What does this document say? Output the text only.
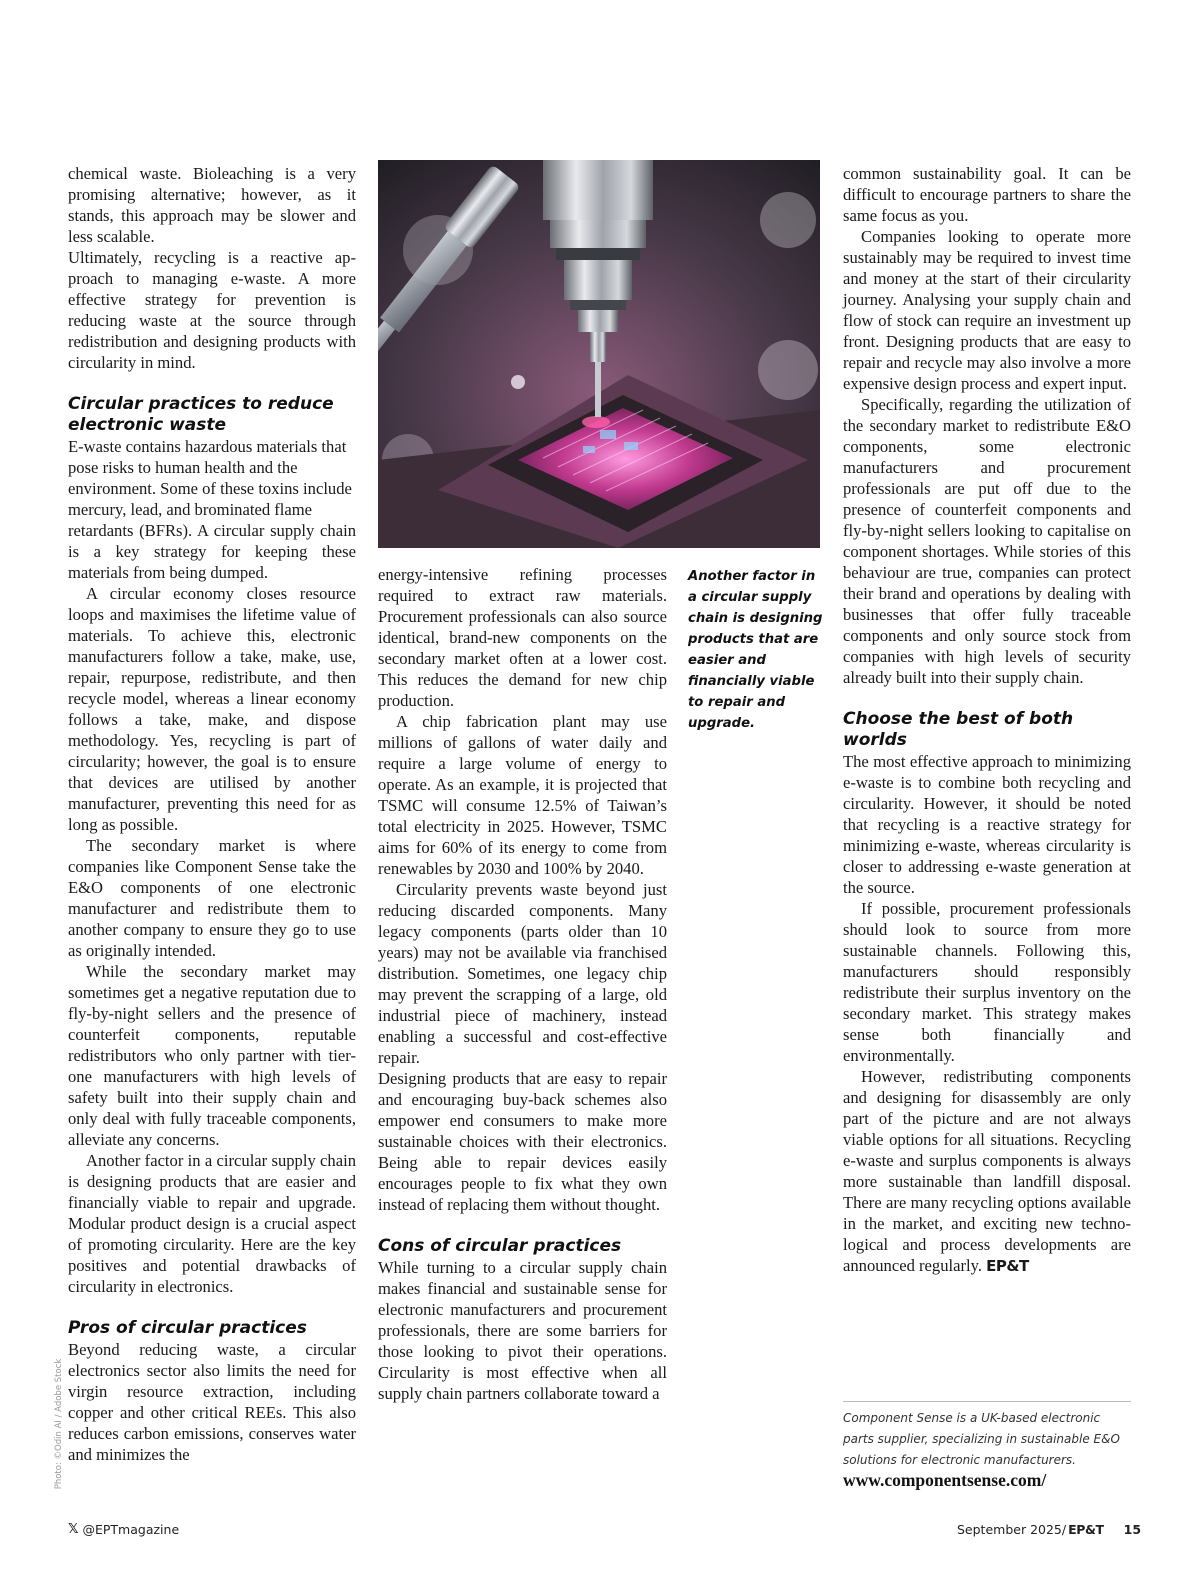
chemical waste. Bioleaching is a very promising alternative; however, as it stands, this approach may be slower and less scalable.

Ultimately, recycling is a reactive approach to managing e-waste. A more effective strategy for prevention is reducing waste at the source through redistribution and designing products with circularity in mind.

Circular practices to reduce electronic waste

E-waste contains hazardous materials that pose risks to human health and the environment. Some of these toxins include mercury, lead, and brominated flame

retardants (BFRs). A circular supply chain is a key strategy for keeping these materials from being dumped.

A circular economy closes resource loops and maximises the lifetime value of materials. To achieve this, electronic manufacturers follow a take, make, use, repair, repurpose, redistribute, and then recycle model, whereas a linear economy follows a take, make, and dispose methodology. Yes, recycling is part of circularity; however, the goal is to ensure that devices are utilised by another manufacturer, preventing this need for as long as possible.

The secondary market is where companies like Component Sense take the E&O components of one electronic manufacturer and redistribute them to another company to ensure they go to use as originally intended.

While the secondary market may sometimes get a negative reputation due to fly-by-night sellers and the presence of counterfeit components, reputable redistributors who only partner with tier-one manufacturers with high levels of safety built into their supply chain and only deal with fully traceable components, alleviate any concerns.

Another factor in a circular supply chain is designing products that are easier and financially viable to repair and upgrade. Modular product design is a crucial aspect of promoting circularity. Here are the key positives and potential drawbacks of circularity in electronics.

Pros of circular practices

Beyond reducing waste, a circular electronics sector also limits the need for virgin resource extraction, including copper and other critical REEs. This also reduces carbon emissions, conserves water and minimizes the

energy-intensive refining processes required to extract raw materials. Procurement professionals can also source identical, brand-new components on the secondary market often at a lower cost. This reduces the demand for new chip production.

A chip fabrication plant may use millions of gallons of water daily and require a large volume of energy to operate. As an example, it is projected that TSMC will consume 12.5% of Taiwan’s total electricity in 2025. However, TSMC aims for 60% of its energy to come from renewables by 2030 and 100% by 2040.

Circularity prevents waste beyond just reducing discarded components. Many legacy components (parts older than 10 years) may not be available via franchised distribution. Sometimes, one legacy chip may prevent the scrapping of a large, old industrial piece of machinery, instead enabling a successful and cost-effective repair.

Designing products that are easy to repair and encouraging buy-back schemes also empower end consumers to make more sustainable choices with their electronics. Being able to repair devices easily encourages people to fix what they own instead of replacing them without thought.

Cons of circular practices

While turning to a circular supply chain makes financial and sustainable sense for electronic manufacturers and procurement professionals, there are some barriers for those looking to pivot their operations. Circularity is most effective when all supply chain partners collaborate toward a

Another factor in a circular supply chain is designing products that are easier and financially viable to repair and upgrade.

common sustainability goal. It can be difficult to encourage partners to share the same focus as you.

Companies looking to operate more sustainably may be required to invest time and money at the start of their circularity journey. Analysing your supply chain and flow of stock can require an investment up front. Designing products that are easy to repair and recycle may also involve a more expensive design process and expert input.

Specifically, regarding the utilization of the secondary market to redistribute E&O components, some electronic manufacturers and procurement professionals are put off due to the presence of counterfeit components and fly-by-night sellers looking to capitalise on component shortages. While stories of this behaviour are true, companies can protect their brand and operations by dealing with businesses that offer fully traceable components and only source stock from companies with high levels of security already built into their supply chain.

Choose the best of both worlds

The most effective approach to minimizing e-waste is to combine both recycling and circularity. However, it should be noted that recycling is a reactive strategy for minimizing e-waste, whereas circularity is closer to addressing e-waste generation at the source.

If possible, procurement professionals should look to source from more sustainable channels. Following this, manufacturers should responsibly redistribute their surplus inventory on the secondary market. This strategy makes sense both financially and environmentally.

However, redistributing components and designing for disassembly are only part of the picture and are not always viable options for all situations. Recycling e-waste and surplus components is always more sustainable than landfill disposal. There are many recycling options available in the market, and exciting new technological and process developments are announced regularly. EP&T

Component Sense is a UK-based electronic parts supplier, specializing in sustainable E&O solutions for electronic manufacturers.
www.componentsense.com/
Photo: ©Odin AI / Adobe Stock
𝕏 @EPTmagazine	September 2025/ EP&T 15
